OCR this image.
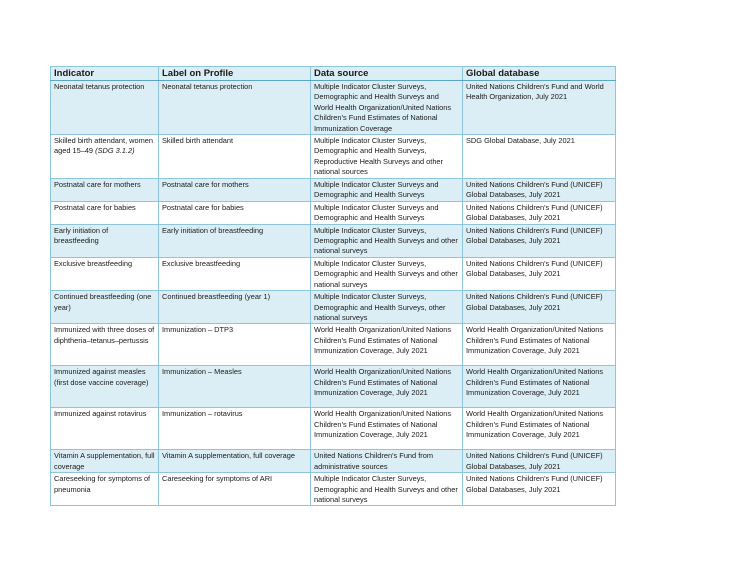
Indicator	Label on Profile	Data source	Global database
Neonatal tetanus protection	Neonatal tetanus protection	Multiple Indicator Cluster Surveys, Demographic and Health Surveys and World Health Organization/United Nations Children’s Fund Estimates of National Immunization Coverage	United Nations Children’s Fund and World Health Organization, July 2021
Skilled birth attendant, women aged 15–49 (SDG 3.1.2)	Skilled birth attendant	Multiple Indicator Cluster Surveys, Demographic and Health Surveys, Reproductive Health Surveys and other national sources	SDG Global Database, July 2021
Postnatal care for mothers	Postnatal care for mothers	Multiple Indicator Cluster Surveys and Demographic and Health Surveys	United Nations Children’s Fund (UNICEF) Global Databases, July 2021
Postnatal care for babies	Postnatal care for babies	Multiple Indicator Cluster Surveys and Demographic and Health Surveys	United Nations Children’s Fund (UNICEF) Global Databases, July 2021
Early initiation of breastfeeding	Early initiation of breastfeeding	Multiple Indicator Cluster Surveys, Demographic and Health Surveys and other national surveys	United Nations Children’s Fund (UNICEF) Global Databases, July 2021
Exclusive breastfeeding	Exclusive breastfeeding	Multiple Indicator Cluster Surveys, Demographic and Health Surveys and other national surveys	United Nations Children’s Fund (UNICEF) Global Databases, July 2021
Continued breastfeeding (one year)	Continued breastfeeding (year 1)	Multiple Indicator Cluster Surveys, Demographic and Health Surveys, other national surveys	United Nations Children’s Fund (UNICEF) Global Databases, July 2021
Immunized with three doses of diphtheria–tetanus–pertussis	Immunization – DTP3	World Health Organization/United Nations Children’s Fund Estimates of National Immunization Coverage, July 2021	World Health Organization/United Nations Children’s Fund Estimates of National Immunization Coverage, July 2021
Immunized against measles (first dose vaccine coverage)	Immunization – Measles	World Health Organization/United Nations Children’s Fund Estimates of National Immunization Coverage, July 2021	World Health Organization/United Nations Children’s Fund Estimates of National Immunization Coverage, July 2021
Immunized against rotavirus	Immunization – rotavirus	World Health Organization/United Nations Children’s Fund Estimates of National Immunization Coverage, July 2021	World Health Organization/United Nations Children’s Fund Estimates of National Immunization Coverage, July 2021
Vitamin A supplementation, full coverage	Vitamin A supplementation, full coverage	United Nations Children’s Fund from administrative sources	United Nations Children’s Fund (UNICEF) Global Databases, July 2021
Careseeking for symptoms of pneumonia	Careseeking for symptoms of ARI	Multiple Indicator Cluster Surveys, Demographic and Health Surveys and other national surveys	United Nations Children’s Fund (UNICEF) Global Databases, July 2021
